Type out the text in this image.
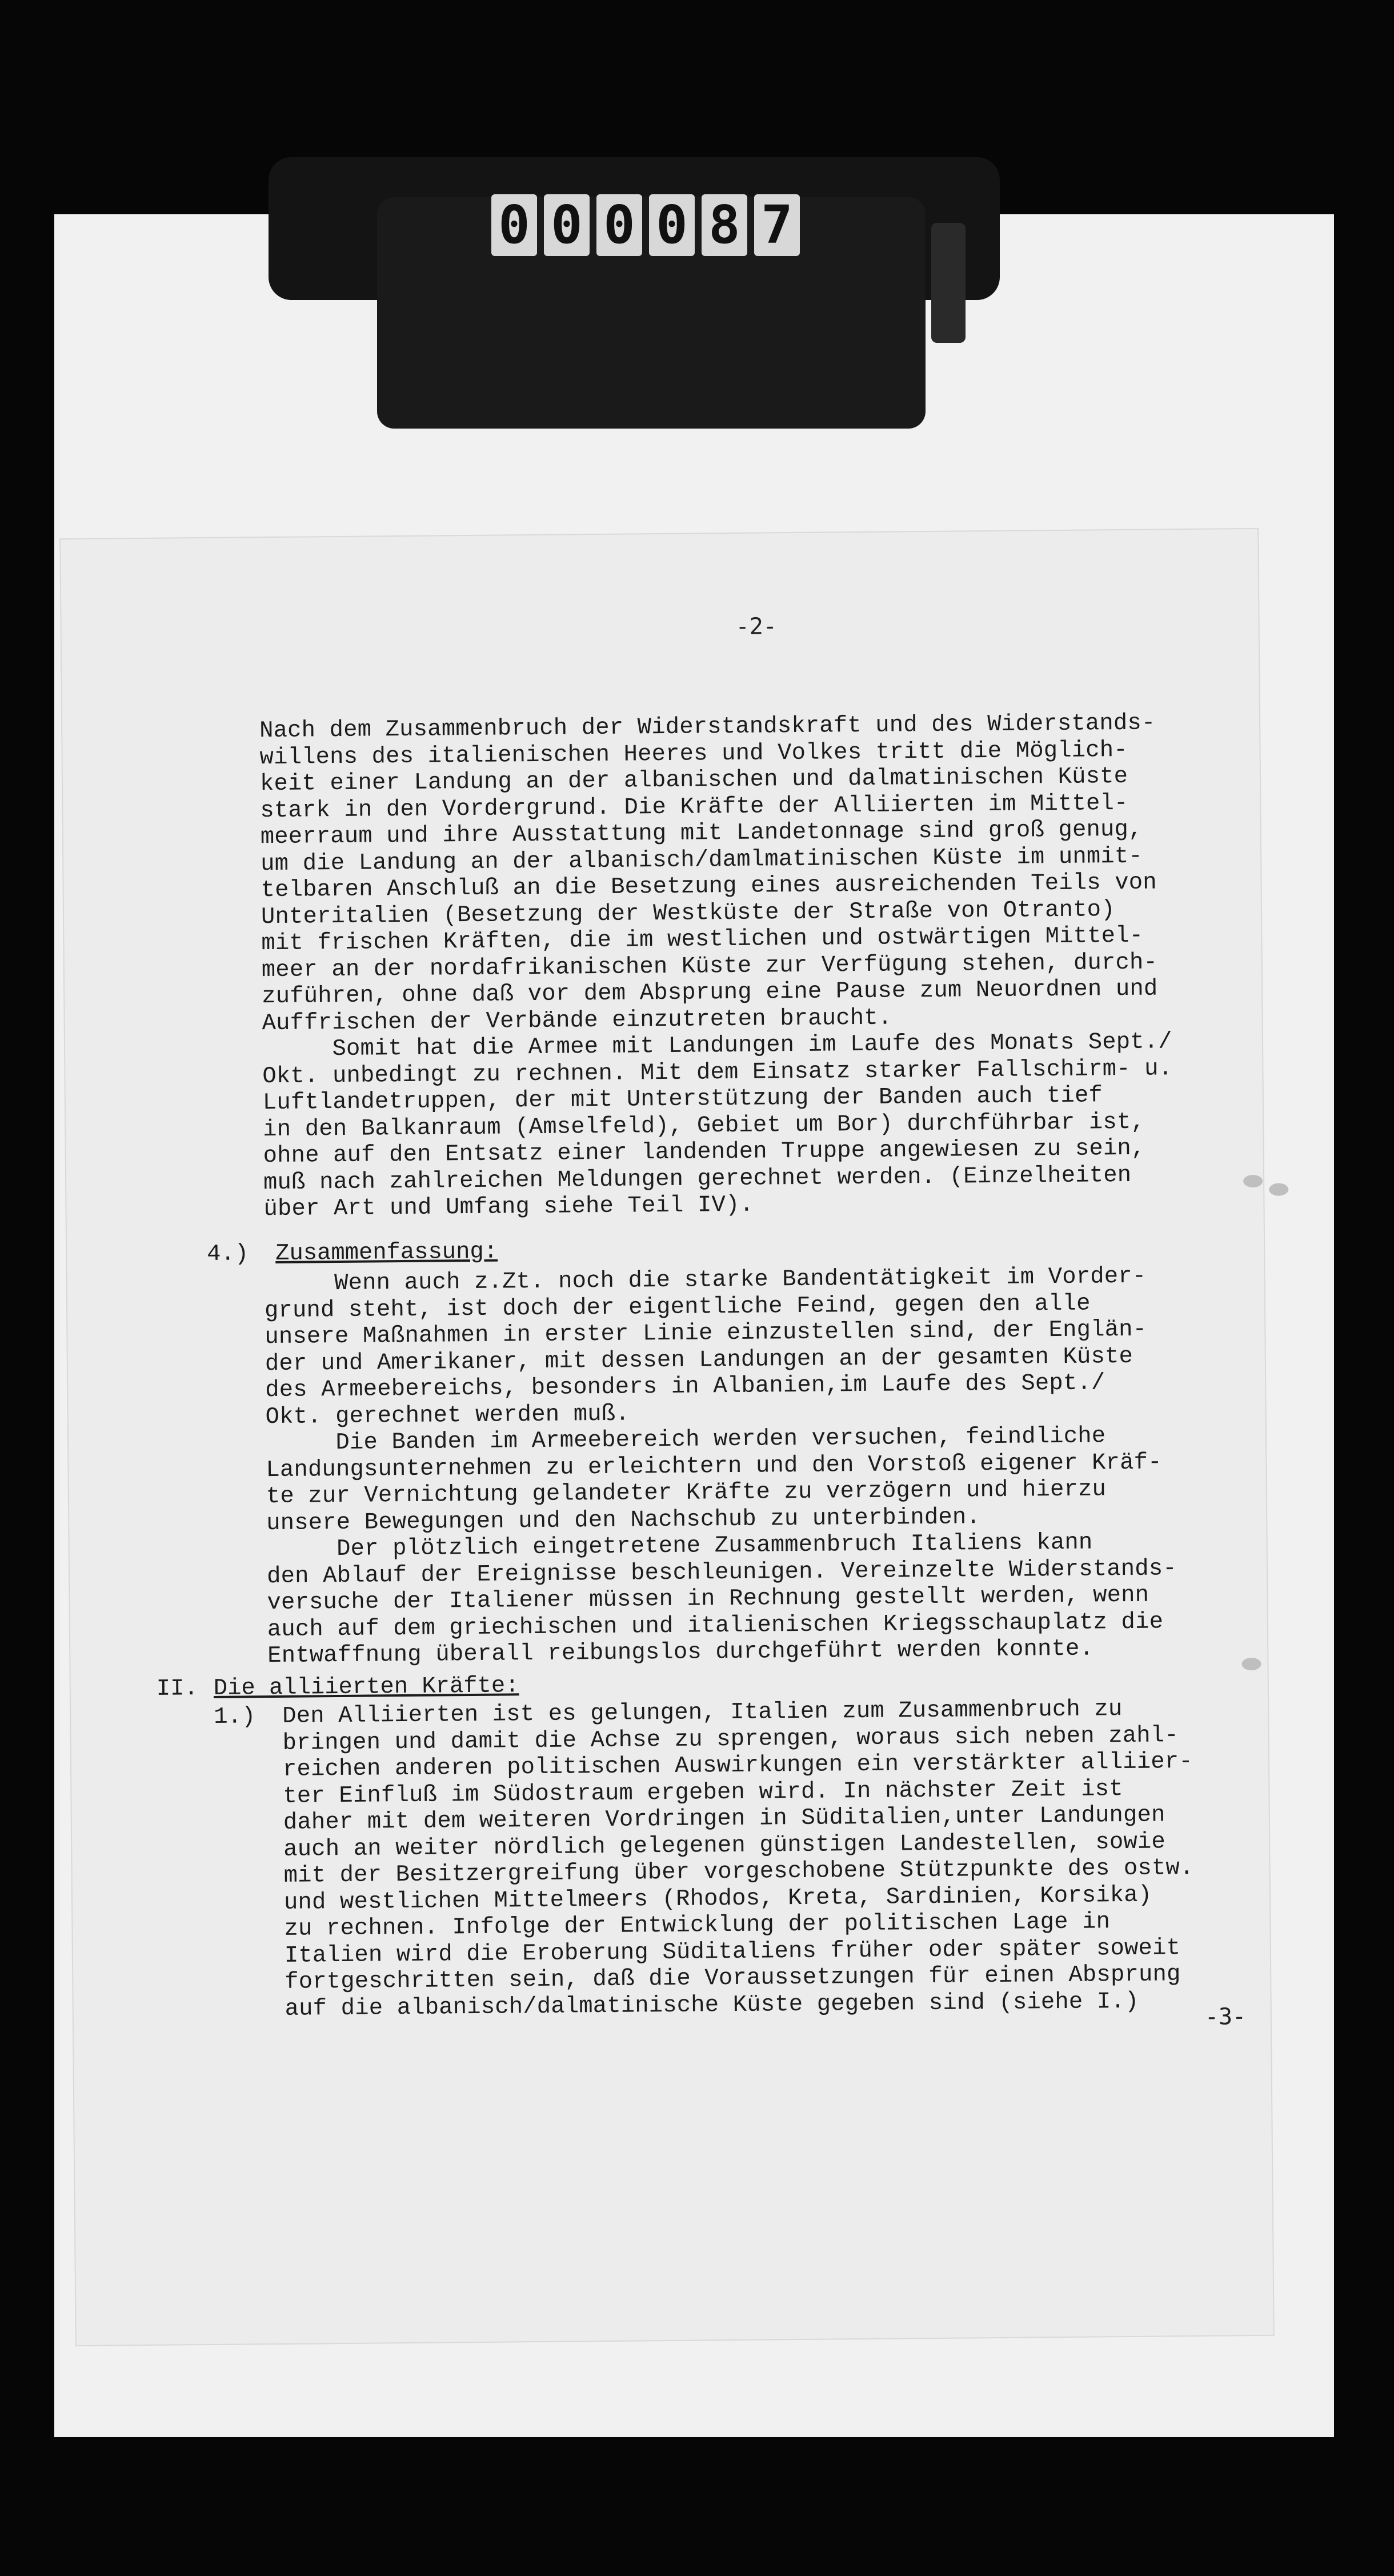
0 0 0 0 8 7
-2-
Nach dem Zusammenbruch der Widerstandskraft und des Widerstands-
willens des italienischen Heeres und Volkes tritt die Möglich-
keit einer Landung an der albanischen und dalmatinischen Küste
stark in den Vordergrund. Die Kräfte der Alliierten im Mittel-
meerraum und ihre Ausstattung mit Landetonnage sind groß genug,
um die Landung an der albanisch/damlmatinischen Küste im unmit-
telbaren Anschluß an die Besetzung eines ausreichenden Teils von
Unteritalien (Besetzung der Westküste der Straße von Otranto)
mit frischen Kräften, die im westlichen und ostwärtigen Mittel-
meer an der nordafrikanischen Küste zur Verfügung stehen, durch-
zuführen, ohne daß vor dem Absprung eine Pause zum Neuordnen und
Auffrischen der Verbände einzutreten braucht.
Somit hat die Armee mit Landungen im Laufe des Monats Sept./
Okt. unbedingt zu rechnen. Mit dem Einsatz starker Fallschirm- u.
Luftlandetruppen, der mit Unterstützung der Banden auch tief
in den Balkanraum (Amselfeld), Gebiet um Bor) durchführbar ist,
ohne auf den Entsatz einer landenden Truppe angewiesen zu sein,
muß nach zahlreichen Meldungen gerechnet werden. (Einzelheiten
über Art und Umfang siehe Teil IV).
4.) Zusammenfassung:
Wenn auch z.Zt. noch die starke Bandentätigkeit im Vorder-
grund steht, ist doch der eigentliche Feind, gegen den alle
unsere Maßnahmen in erster Linie einzustellen sind, der Englän-
der und Amerikaner, mit dessen Landungen an der gesamten Küste
des Armeebereichs, besonders in Albanien,im Laufe des Sept./
Okt. gerechnet werden muß.
Die Banden im Armeebereich werden versuchen, feindliche
Landungsunternehmen zu erleichtern und den Vorstoß eigener Kräf-
te zur Vernichtung gelandeter Kräfte zu verzögern und hierzu
unsere Bewegungen und den Nachschub zu unterbinden.
Der plötzlich eingetretene Zusammenbruch Italiens kann
den Ablauf der Ereignisse beschleunigen. Vereinzelte Widerstands-
versuche der Italiener müssen in Rechnung gestellt werden, wenn
auch auf dem griechischen und italienischen Kriegsschauplatz die
Entwaffnung überall reibungslos durchgeführt werden konnte.
II. Die alliierten Kräfte:
1.) Den Alliierten ist es gelungen, Italien zum Zusammenbruch zu
bringen und damit die Achse zu sprengen, woraus sich neben zahl-
reichen anderen politischen Auswirkungen ein verstärkter alliier-
ter Einfluß im Südostraum ergeben wird. In nächster Zeit ist
daher mit dem weiteren Vordringen in Süditalien,unter Landungen
auch an weiter nördlich gelegenen günstigen Landestellen, sowie
mit der Besitzergreifung über vorgeschobene Stützpunkte des ostw.
und westlichen Mittelmeers (Rhodos, Kreta, Sardinien, Korsika)
zu rechnen. Infolge der Entwicklung der politischen Lage in
Italien wird die Eroberung Süditaliens früher oder später soweit
fortgeschritten sein, daß die Voraussetzungen für einen Absprung
auf die albanisch/dalmatinische Küste gegeben sind (siehe I.)	-3-
